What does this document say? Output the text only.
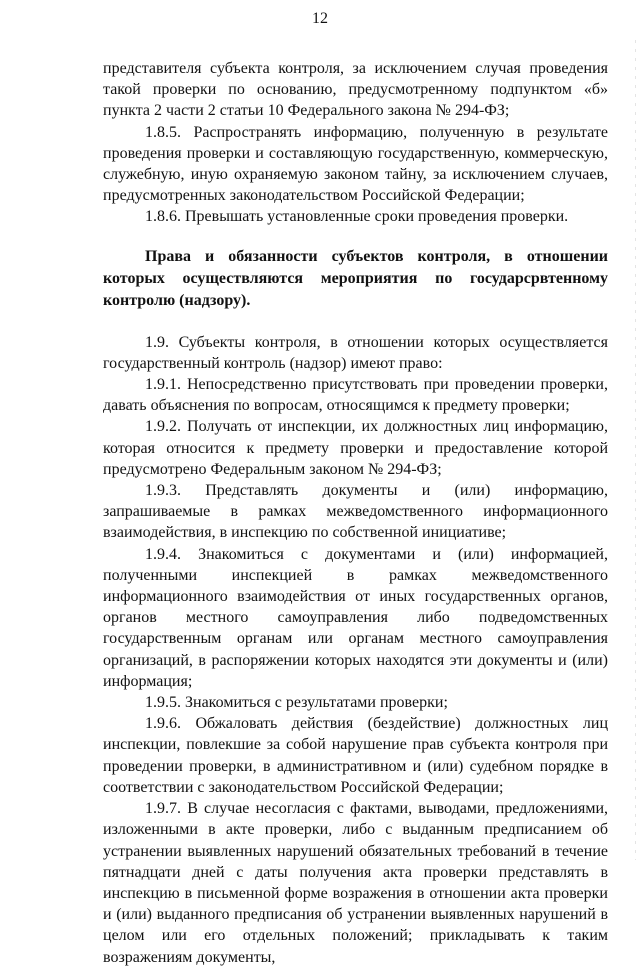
12

представителя субъекта контроля, за исключением случая проведения такой проверки по основанию, предусмотренному подпунктом «б» пункта 2 части 2 статьи 10 Федерального закона № 294-ФЗ;

1.8.5. Распространять информацию, полученную в результате проведения проверки и составляющую государственную, коммерческую, служебную, иную охраняемую законом тайну, за исключением случаев, предусмотренных законодательством Российской Федерации;

1.8.6. Превышать установленные сроки проведения проверки.

Права и обязанности субъектов контроля, в отношении которых осуществляются мероприятия по государсрвтенному контролю (надзору).

1.9. Субъекты контроля, в отношении которых осуществляется государственный контроль (надзор) имеют право:

1.9.1. Непосредственно присутствовать при проведении проверки, давать объяснения по вопросам, относящимся к предмету проверки;

1.9.2. Получать от инспекции, их должностных лиц информацию, которая относится к предмету проверки и предоставление которой предусмотрено Федеральным законом № 294-ФЗ;

1.9.3. Представлять документы и (или) информацию, запрашиваемые в рамках межведомственного информационного взаимодействия, в инспекцию по собственной инициативе;

1.9.4. Знакомиться с документами и (или) информацией, полученными инспекцией в рамках межведомственного информационного взаимодействия от иных государственных органов, органов местного самоуправления либо подведомственных государственным органам или органам местного самоуправления организаций, в распоряжении которых находятся эти документы и (или) информация;

1.9.5. Знакомиться с результатами проверки;

1.9.6. Обжаловать действия (бездействие) должностных лиц инспекции, повлекшие за собой нарушение прав субъекта контроля при проведении проверки, в административном и (или) судебном порядке в соответствии с законодательством Российской Федерации;

1.9.7. В случае несогласия с фактами, выводами, предложениями, изложенными в акте проверки, либо с выданным предписанием об устранении выявленных нарушений обязательных требований в течение пятнадцати дней с даты получения акта проверки представлять в инспекцию в письменной форме возражения в отношении акта проверки и (или) выданного предписания об устранении выявленных нарушений в целом или его отдельных положений; прикладывать к таким возражениям документы,
